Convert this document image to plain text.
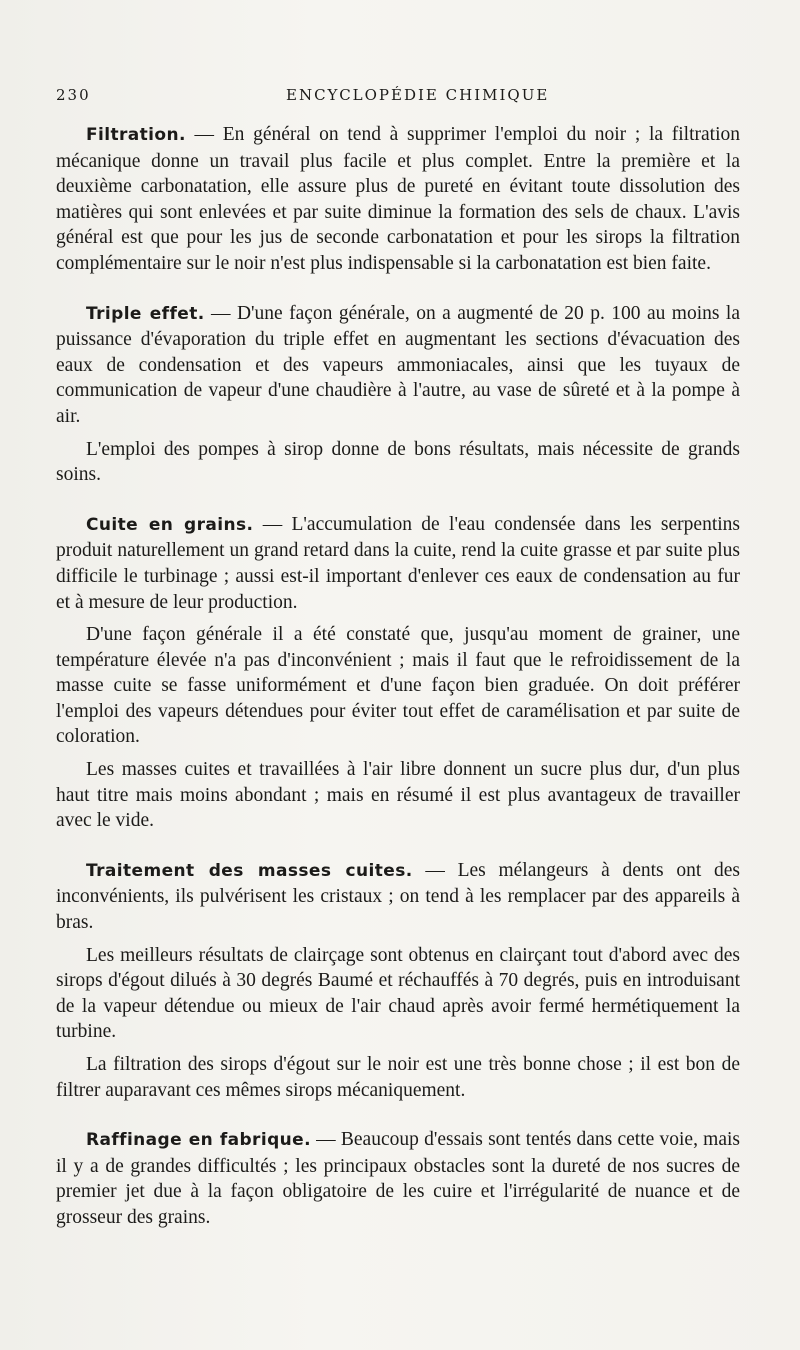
230	ENCYCLOPÉDIE CHIMIQUE

Filtration. — En général on tend à supprimer l'emploi du noir ; la filtration mécanique donne un travail plus facile et plus complet. Entre la première et la deuxième carbonatation, elle assure plus de pureté en évitant toute dissolution des matières qui sont enlevées et par suite diminue la formation des sels de chaux. L'avis général est que pour les jus de seconde carbonatation et pour les sirops la filtration complémentaire sur le noir n'est plus indispensable si la carbonatation est bien faite.

Triple effet. — D'une façon générale, on a augmenté de 20 p. 100 au moins la puissance d'évaporation du triple effet en augmentant les sections d'évacuation des eaux de condensation et des vapeurs ammoniacales, ainsi que les tuyaux de communication de vapeur d'une chaudière à l'autre, au vase de sûreté et à la pompe à air.

L'emploi des pompes à sirop donne de bons résultats, mais nécessite de grands soins.

Cuite en grains. — L'accumulation de l'eau condensée dans les serpentins produit naturellement un grand retard dans la cuite, rend la cuite grasse et par suite plus difficile le turbinage ; aussi est-il important d'enlever ces eaux de condensation au fur et à mesure de leur production.

D'une façon générale il a été constaté que, jusqu'au moment de grainer, une température élevée n'a pas d'inconvénient ; mais il faut que le refroidissement de la masse cuite se fasse uniformément et d'une façon bien graduée. On doit préférer l'emploi des vapeurs détendues pour éviter tout effet de caramélisation et par suite de coloration.

Les masses cuites et travaillées à l'air libre donnent un sucre plus dur, d'un plus haut titre mais moins abondant ; mais en résumé il est plus avantageux de travailler avec le vide.

Traitement des masses cuites. — Les mélangeurs à dents ont des inconvénients, ils pulvérisent les cristaux ; on tend à les remplacer par des appareils à bras.

Les meilleurs résultats de clairçage sont obtenus en clairçant tout d'abord avec des sirops d'égout dilués à 30 degrés Baumé et réchauffés à 70 degrés, puis en introduisant de la vapeur détendue ou mieux de l'air chaud après avoir fermé hermétiquement la turbine.

La filtration des sirops d'égout sur le noir est une très bonne chose ; il est bon de filtrer auparavant ces mêmes sirops mécaniquement.

Raffinage en fabrique. — Beaucoup d'essais sont tentés dans cette voie, mais il y a de grandes difficultés ; les principaux obstacles sont la dureté de nos sucres de premier jet due à la façon obligatoire de les cuire et l'irrégularité de nuance et de grosseur des grains.
